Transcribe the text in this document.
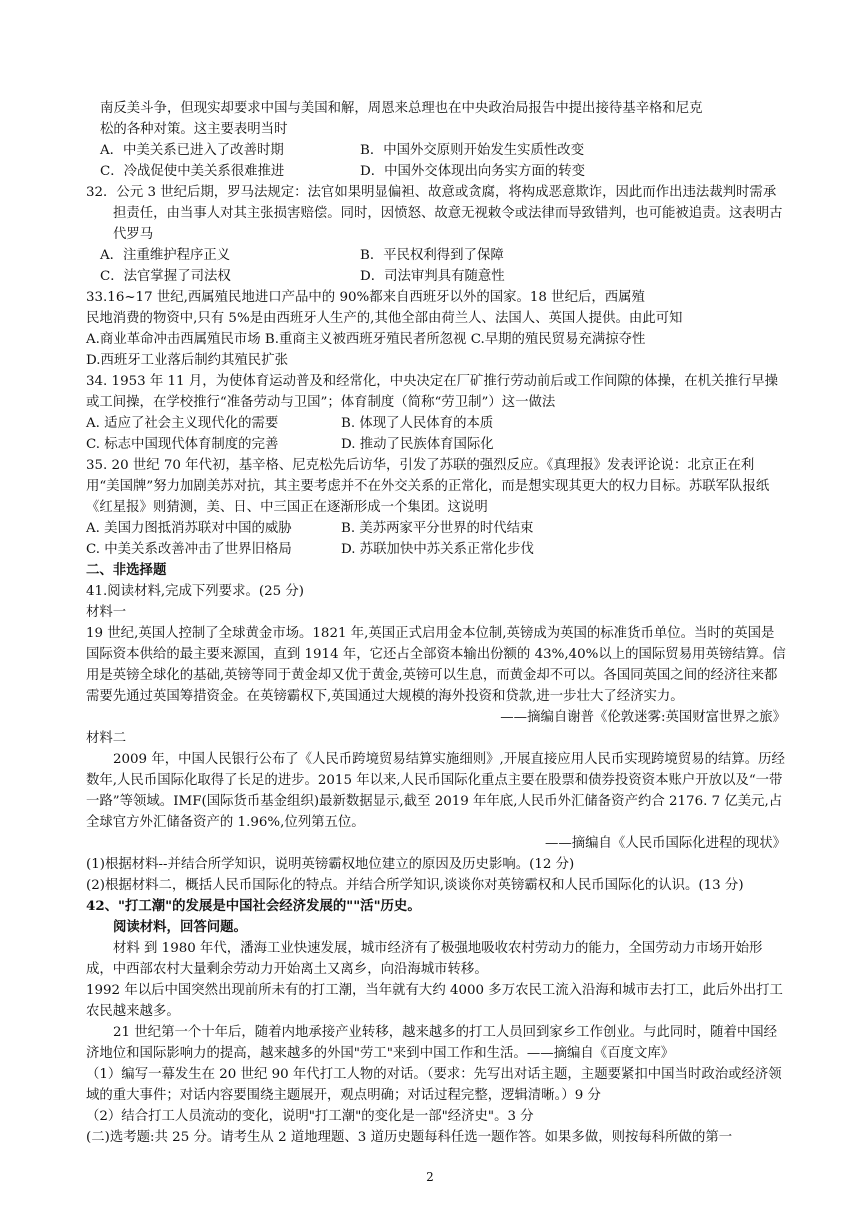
南反美斗争，但现实却要求中国与美国和解，周恩来总理也在中央政治局报告中提出接待基辛格和尼克

松的各种对策。这主要表明当时

A．中美关系已进入了改善时期	B．中国外交原则开始发生实质性改变
C．冷战促使中美关系很难推进	D．中国外交体现出向务实方面的转变

32．公元 3 世纪后期，罗马法规定：法官如果明显偏袒、故意或贪腐，将构成恶意欺诈，因此而作出违法裁判时需承担责任，由当事人对其主张损害赔偿。同时，因愤怒、故意无视敕令或法律而导致错判，也可能被追责。这表明古代罗马

A．注重维护程序正义	B．平民权利得到了保障
C．法官掌握了司法权	D．司法审判具有随意性

33.16~17 世纪,西属殖民地进口产品中的 90%都来自西班牙以外的国家。18 世纪后，西属殖

民地消费的物资中,只有 5%是由西班牙人生产的,其他全部由荷兰人、法国人、英国人提供。由此可知

A.商业革命冲击西属殖民市场 B.重商主义被西班牙殖民者所忽视 C.早期的殖民贸易充满掠夺性

D.西班牙工业落后制约其殖民扩张

34. 1953 年 11 月，为使体育运动普及和经常化，中央决定在厂矿推行劳动前后或工作间隙的体操，在机关推行早操或工间操，在学校推行“准备劳动与卫国”；体育制度（简称“劳卫制”）这一做法

A. 适应了社会主义现代化的需要	B. 体现了人民体育的本质
C. 标志中国现代体育制度的完善	D. 推动了民族体育国际化

35. 20 世纪 70 年代初，基辛格、尼克松先后访华，引发了苏联的强烈反应。《真理报》发表评论说：北京正在利用“美国牌”努力加剧美苏对抗，其主要考虑并不在外交关系的正常化，而是想实现其更大的权力目标。苏联军队报纸《红星报》则猜测，美、日、中三国正在逐渐形成一个集团。这说明

A. 美国力图抵消苏联对中国的威胁	B. 美苏两家平分世界的时代结束
C. 中美关系改善冲击了世界旧格局	D. 苏联加快中苏关系正常化步伐

二、非选择题

41.阅读材料,完成下列要求。(25 分)

材料一

19 世纪,英国人控制了全球黄金市场。1821 年,英国正式启用金本位制,英镑成为英国的标准货币单位。当时的英国是国际资本供给的最主要来源国，直到 1914 年，它还占全部资本输出份额的 43%,40%以上的国际贸易用英镑结算。信用是英镑全球化的基础,英镑等同于黄金却又优于黄金,英镑可以生息，而黄金却不可以。各国同英国之间的经济往来都需要先通过英国筹措资金。在英镑霸权下,英国通过大规模的海外投资和贷款,进一步壮大了经济实力。

——摘编自谢普《伦敦迷雾:英国财富世界之旅》

材料二

2009 年，中国人民银行公布了《人民币跨境贸易结算实施细则》,开展直接应用人民币实现跨境贸易的结算。历经数年,人民币国际化取得了长足的进步。2015 年以来,人民币国际化重点主要在股票和债券投资资本账户开放以及“一带一路”等领域。IMF(国际货币基金组织)最新数据显示,截至 2019 年年底,人民币外汇储备资产约合 2176. 7 亿美元,占全球官方外汇储备资产的 1.96%,位列第五位。

——摘编自《人民币国际化进程的现状》

(1)根据材料--并结合所学知识，说明英镑霸权地位建立的原因及历史影响。(12 分)

(2)根据材料二，概括人民币国际化的特点。并结合所学知识,谈谈你对英镑霸权和人民币国际化的认识。(13 分)

42、"打工潮"的发展是中国社会经济发展的""活"历史。

阅读材料，回答问题。

材料 到 1980 年代，潘海工业快速发展，城市经济有了极强地吸收农村劳动力的能力，全国劳动力市场开始形成，中西部农村大量剩余劳动力开始离土又离乡，向沿海城市转移。

1992 年以后中国突然出现前所未有的打工潮，当年就有大约 4000 多万农民工流入沿海和城市去打工，此后外出打工农民越来越多。

21 世纪第一个十年后，随着内地承接产业转移，越来越多的打工人员回到家乡工作创业。与此同时，随着中国经济地位和国际影响力的提高，越来越多的外国"劳工"来到中国工作和生活。——摘编自《百度文库》

（1）编写一幕发生在 20 世纪 90 年代打工人物的对话。（要求：先写出对话主题，主题要紧扣中国当时政治或经济领域的重大事件；对话内容要围绕主题展开，观点明确；对话过程完整，逻辑清晰。）9 分

（2）结合打工人员流动的变化，说明"打工潮"的变化是一部"经济史"。3 分

(二)选考题:共 25 分。请考生从 2 道地理题、3 道历史题每科任选一题作答。如果多做，则按每科所做的第一

2
